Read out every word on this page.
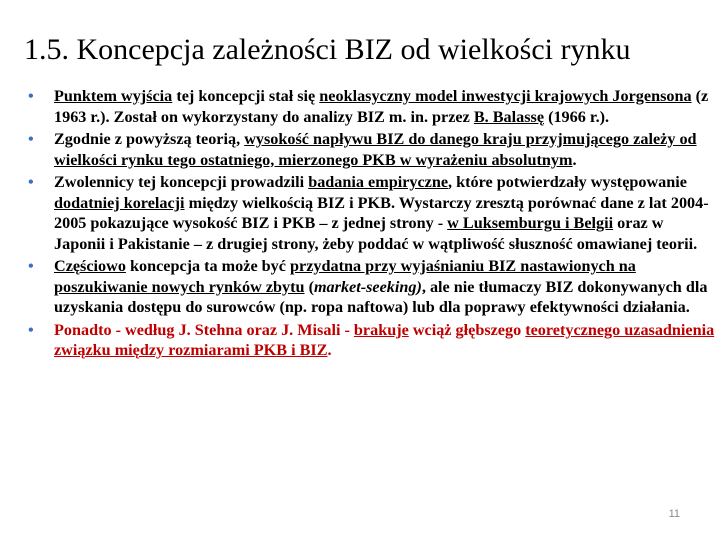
1.5. Koncepcja zależności BIZ od wielkości rynku
• Punktem wyjścia tej koncepcji stał się neoklasyczny model inwestycji krajowych Jorgensona (z 1963 r.). Został on wykorzystany do analizy BIZ m. in. przez B. Balassę (1966 r.).
• Zgodnie z powyższą teorią, wysokość napływu BIZ do danego kraju przyjmującego zależy od wielkości rynku tego ostatniego, mierzonego PKB w wyrażeniu absolutnym.
• Zwolennicy tej koncepcji prowadzili badania empiryczne, które potwierdzały występowanie dodatniej korelacji między wielkością BIZ i PKB. Wystarczy zresztą porównać dane z lat 2004-2005 pokazujące wysokość BIZ i PKB – z jednej strony - w Luksemburgu i Belgii oraz w Japonii i Pakistanie – z drugiej strony, żeby poddać w wątpliwość słuszność omawianej teorii.
• Częściowo koncepcja ta może być przydatna przy wyjaśnianiu BIZ nastawionych na poszukiwanie nowych rynków zbytu (market-seeking), ale nie tłumaczy BIZ dokonywanych dla uzyskania dostępu do surowców (np. ropa naftowa) lub dla poprawy efektywności działania.
• Ponadto - według J. Stehna oraz J. Misali - brakuje wciąż głębszego teoretycznego uzasadnienia związku między rozmiarami PKB i BIZ.
11
